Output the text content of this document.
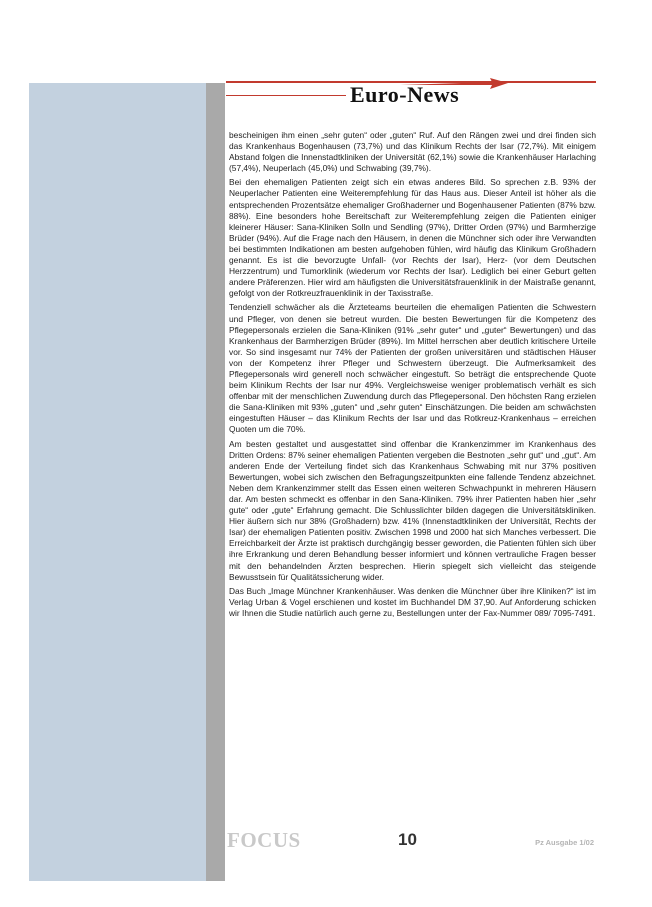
Euro-News

bescheinigen ihm einen „sehr guten“ oder „guten“ Ruf. Auf den Rängen zwei und drei finden sich das Krankenhaus Bogenhausen (73,7%) und das Klinikum Rechts der Isar (72,7%). Mit einigem Abstand folgen die Innenstadtkliniken der Universität (62,1%) sowie die Krankenhäuser Harlaching (57,4%), Neuperlach (45,0%) und Schwabing (39,7%).

Bei den ehemaligen Patienten zeigt sich ein etwas anderes Bild. So sprechen z.B. 93% der Neuperlacher Patienten eine Weiterempfehlung für das Haus aus. Dieser Anteil ist höher als die entsprechenden Prozentsätze ehemaliger Großhaderner und Bogenhausener Patienten (87% bzw. 88%). Eine besonders hohe Bereitschaft zur Weiterempfehlung zeigen die Patienten einiger kleinerer Häuser: Sana-Kliniken Solln und Sendling (97%), Dritter Orden (97%) und Barmherzige Brüder (94%). Auf die Frage nach den Häusern, in denen die Münchner sich oder ihre Verwandten bei bestimmten Indikationen am besten aufgehoben fühlen, wird häufig das Klinikum Großhadern genannt. Es ist die bevorzugte Unfall- (vor Rechts der Isar), Herz- (vor dem Deutschen Herzzentrum) und Tumorklinik (wiederum vor Rechts der Isar). Lediglich bei einer Geburt gelten andere Präferenzen. Hier wird am häufigsten die Universitätsfrauenklinik in der Maistraße genannt, gefolgt von der Rotkreuzfrauenklinik in der Taxisstraße.

Tendenziell schwächer als die Ärzteteams beurteilen die ehemaligen Patienten die Schwestern und Pfleger, von denen sie betreut wurden. Die besten Bewertungen für die Kompetenz des Pflegepersonals erzielen die Sana-Kliniken (91% „sehr guter“ und „guter“ Bewertungen) und das Krankenhaus der Barmherzigen Brüder (89%). Im Mittel herrschen aber deutlich kritischere Urteile vor. So sind insgesamt nur 74% der Patienten der großen universitären und städtischen Häuser von der Kompetenz ihrer Pfleger und Schwestern überzeugt. Die Aufmerksamkeit des Pflegepersonals wird generell noch schwächer eingestuft. So beträgt die entsprechende Quote beim Klinikum Rechts der Isar nur 49%. Vergleichsweise weniger problematisch verhält es sich offenbar mit der menschlichen Zuwendung durch das Pflegepersonal. Den höchsten Rang erzielen die Sana-Kliniken mit 93% „guten“ und „sehr guten“ Einschätzungen. Die beiden am schwächsten eingestuften Häuser – das Klinikum Rechts der Isar und das Rotkreuz-Krankenhaus – erreichen Quoten um die 70%.

Am besten gestaltet und ausgestattet sind offenbar die Krankenzimmer im Krankenhaus des Dritten Ordens: 87% seiner ehemaligen Patienten vergeben die Bestnoten „sehr gut“ und „gut“. Am anderen Ende der Verteilung findet sich das Krankenhaus Schwabing mit nur 37% positiven Bewertungen, wobei sich zwischen den Befragungszeitpunkten eine fallende Tendenz abzeichnet. Neben dem Krankenzimmer stellt das Essen einen weiteren Schwachpunkt in mehreren Häusern dar. Am besten schmeckt es offenbar in den Sana-Kliniken. 79% ihrer Patienten haben hier „sehr gute“ oder „gute“ Erfahrung gemacht. Die Schlusslichter bilden dagegen die Universitätskliniken. Hier äußern sich nur 38% (Großhadern) bzw. 41% (Innenstadtkliniken der Universität, Rechts der Isar) der ehemaligen Patienten positiv. Zwischen 1998 und 2000 hat sich Manches verbessert. Die Erreichbarkeit der Ärzte ist praktisch durchgängig besser geworden, die Patienten fühlen sich über ihre Erkrankung und deren Behandlung besser informiert und können vertrauliche Fragen besser mit den behandelnden Ärzten besprechen. Hierin spiegelt sich vielleicht das steigende Bewusstsein für Qualitätssicherung wider.

Das Buch „Image Münchner Krankenhäuser. Was denken die Münchner über ihre Kliniken?“ ist im Verlag Urban & Vogel erschienen und kostet im Buchhandel DM 37,90. Auf Anforderung schicken wir Ihnen die Studie natürlich auch gerne zu, Bestellungen unter der Fax-Nummer 089/ 7095-7491.

FOCUS	10	Pz Ausgabe 1/02
